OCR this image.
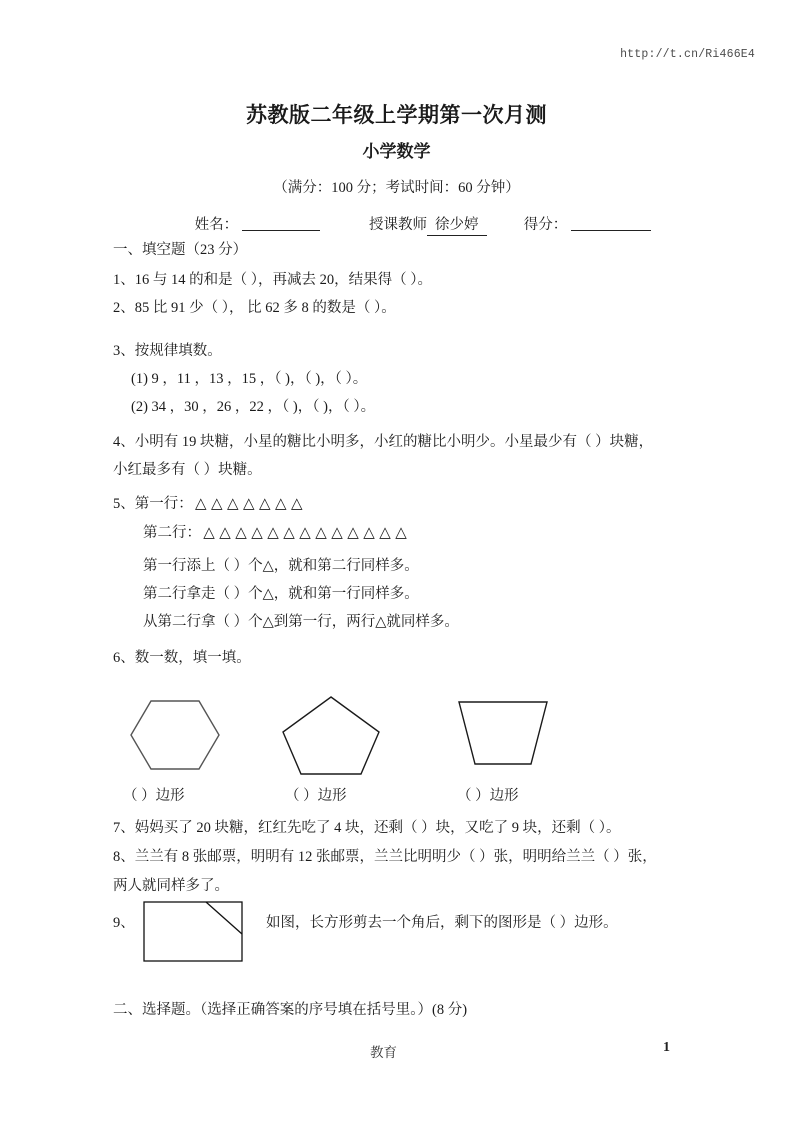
http://t.cn/Ri466E4
苏教版二年级上学期第一次月测
小学数学
（满分：100 分；考试时间：60 分钟）
姓名：	授课教师 徐少婷	得分：
一、填空题（23 分）
1、16 与 14 的和是（ ），再减去 20，结果得（ ）。
2、85 比 91 少（ ）， 比 62 多 8 的数是（ ）。
3、按规律填数。
(1) 9 ，11 ，13 ，15 ，（ )，（ )，（ ）。
(2) 34 ，30 ，26 ，22 ，（ )，（ )，（ ）。
4、小明有 19 块糖，小星的糖比小明多，小红的糖比小明少。小星最少有（ ）块糖，
小红最多有（ ）块糖。
5、第一行： △ △ △ △ △ △ △
第二行： △ △ △ △ △ △ △ △ △ △ △ △ △
第一行添上（ ）个△，就和第二行同样多。
第二行拿走（ ）个△，就和第一行同样多。
从第二行拿（ ）个△到第一行，两行△就同样多。
6、数一数，填一填。
（ ）边形	（ ）边形	（ ）边形
7、妈妈买了 20 块糖，红红先吃了 4 块，还剩（ ）块，又吃了 9 块，还剩（ ）。
8、兰兰有 8 张邮票，明明有 12 张邮票，兰兰比明明少（ ）张，明明给兰兰（ ）张，
两人就同样多了。
9、	如图，长方形剪去一个角后，剩下的图形是（ ）边形。
二、选择题。（选择正确答案的序号填在括号里。）(8 分)
教育	1
